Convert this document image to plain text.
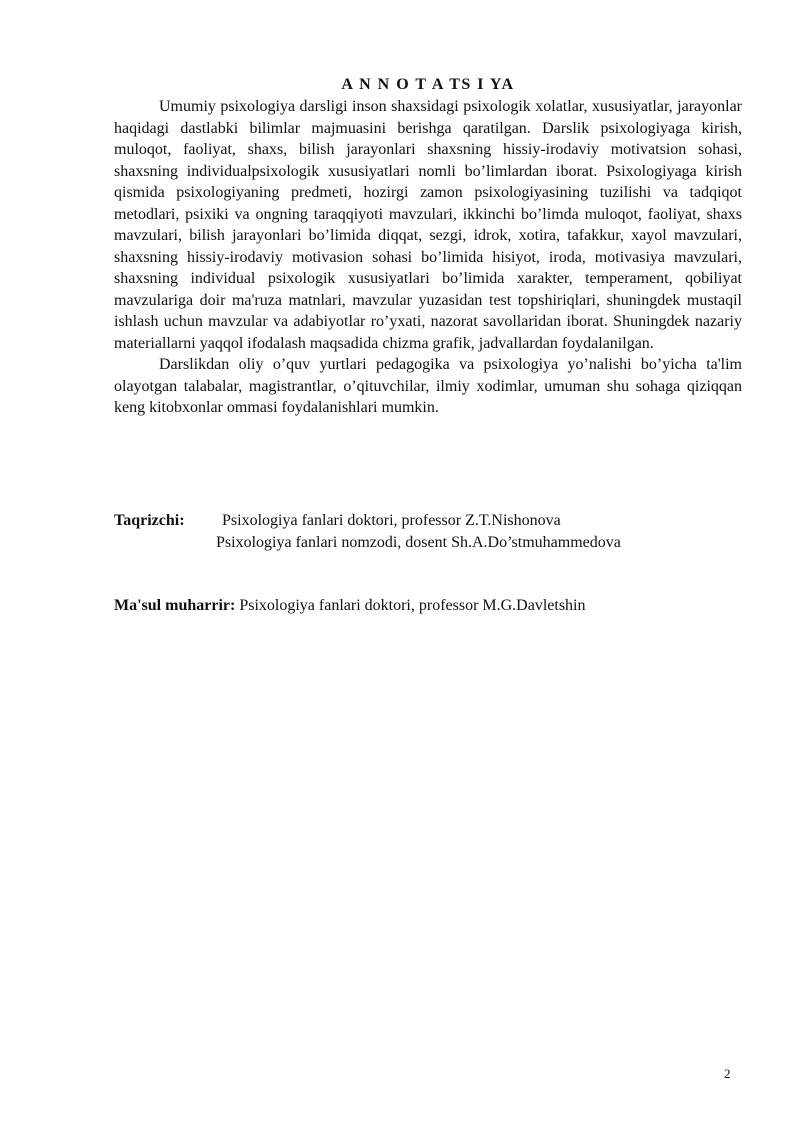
A N N O T A TS I YA

Umumiy psixologiya darsligi inson shaxsidagi psixologik xolatlar, xususiyatlar, jarayonlar haqidagi dastlabki bilimlar majmuasini berishga qaratilgan. Darslik psixologiyaga kirish, muloqot, faoliyat, shaxs, bilish jarayonlari shaxsning hissiy-irodaviy motivatsion sohasi, shaxsning individualpsixologik xususiyatlari nomli bo’limlardan iborat. Psixologiyaga kirish qismida psixologiyaning predmeti, hozirgi zamon psixologiyasining tuzilishi va tadqiqot metodlari, psixiki va ongning taraqqiyoti mavzulari, ikkinchi bo’limda muloqot, faoliyat, shaxs mavzulari, bilish jarayonlari bo’limida diqqat, sezgi, idrok, xotira, tafakkur, xayol mavzulari, shaxsning hissiy-irodaviy motivasion sohasi bo’limida hisiyot, iroda, motivasiya mavzulari, shaxsning individual psixologik xususiyatlari bo’limida xarakter, temperament, qobiliyat mavzulariga doir ma'ruza matnlari, mavzular yuzasidan test topshiriqlari, shuningdek mustaqil ishlash uchun mavzular va adabiyotlar ro’yxati, nazorat savollaridan iborat. Shuningdek nazariy materiallarni yaqqol ifodalash maqsadida chizma grafik, jadvallardan foydalanilgan.

Darslikdan oliy o’quv yurtlari pedagogika va psixologiya yo’nalishi bo’yicha ta'lim olayotgan talabalar, magistrantlar, o’qituvchilar, ilmiy xodimlar, umuman shu sohaga qiziqqan keng kitobxonlar ommasi foydalanishlari mumkin.

Taqrizchi: Psixologiya fanlari doktori, professor Z.T.Nishonova
Psixologiya fanlari nomzodi, dosent Sh.A.Do’stmuhammedova
Ma'sul muharrir: Psixologiya fanlari doktori, professor M.G.Davletshin
2
